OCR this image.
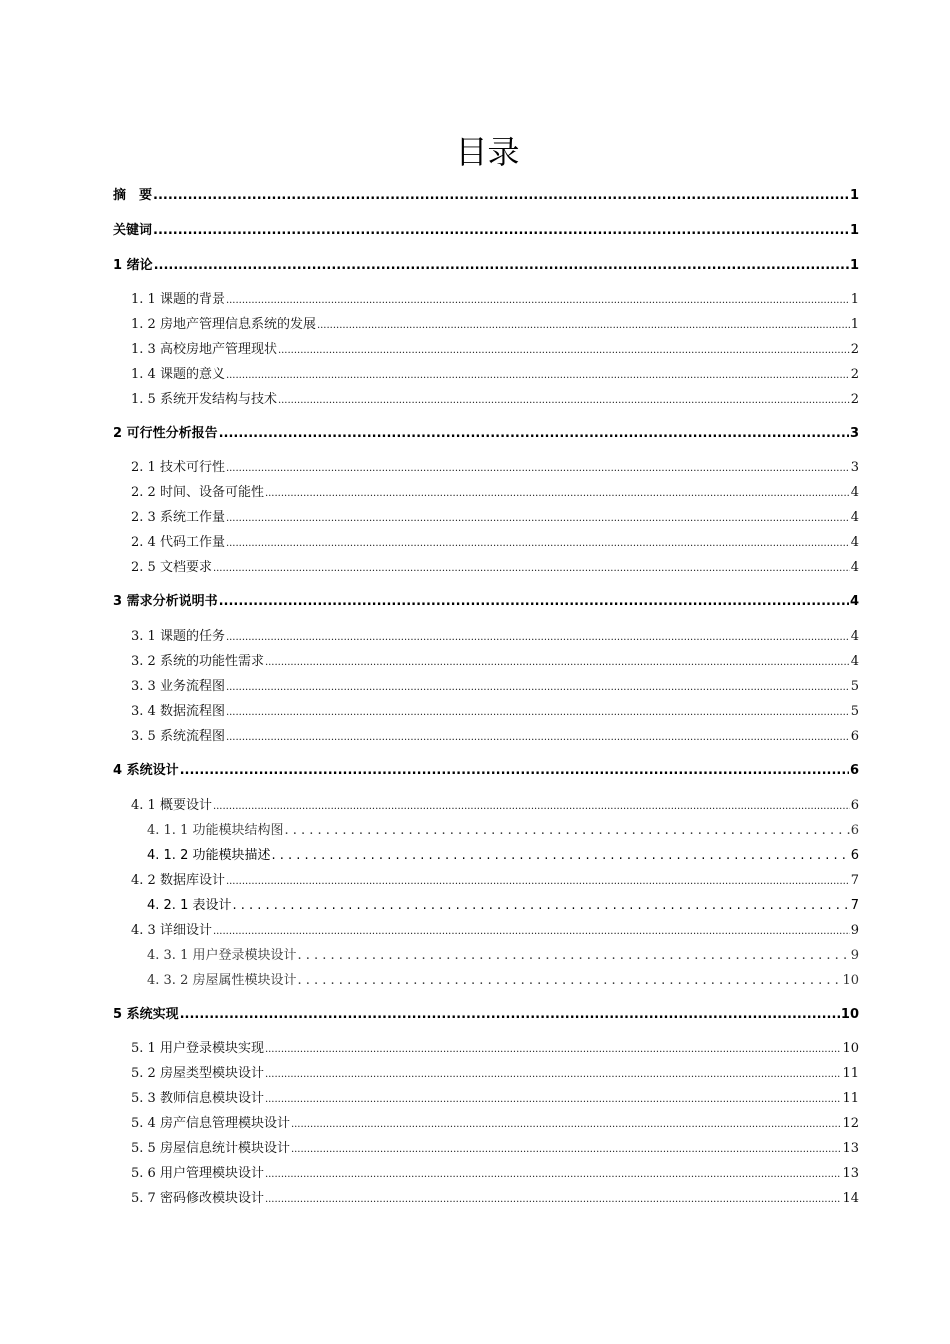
目录
摘　要 .....	1
关键词 .....	1
1 绪论 .....	1
1. 1 课题的背景 .....	1
1. 2 房地产管理信息系统的发展 .....	1
1. 3 高校房地产管理现状 .....	2
1. 4 课题的意义 .....	2
1. 5 系统开发结构与技术 .....	2
2 可行性分析报告 .....	3
2. 1 技术可行性 .....	3
2. 2 时间、设备可能性 .....	4
2. 3 系统工作量 .....	4
2. 4 代码工作量 .....	4
2. 5 文档要求 .....	4
3 需求分析说明书 .....	4
3. 1 课题的任务 .....	4
3. 2 系统的功能性需求 .....	4
3. 3 业务流程图 .....	5
3. 4 数据流程图 .....	5
3. 5 系统流程图 .....	6
4 系统设计 .....	6
4. 1 概要设计 .....	6
4. 1. 1 功能模块结构图 . . .	6
4. 1. 2 功能模块描述 . . .	6
4. 2 数据库设计 .....	7
4. 2. 1 表设计 . . .	7
4. 3 详细设计 .....	9
4. 3. 1 用户登录模块设计 . . .	9
4. 3. 2 房屋属性模块设计 . . .	10
5 系统实现 .....	10
5. 1 用户登录模块实现 .....	10
5. 2 房屋类型模块设计 .....	11
5. 3 教师信息模块设计 .....	11
5. 4 房产信息管理模块设计 .....	12
5. 5 房屋信息统计模块设计 .....	13
5. 6 用户管理模块设计 .....	13
5. 7 密码修改模块设计 .....	14
